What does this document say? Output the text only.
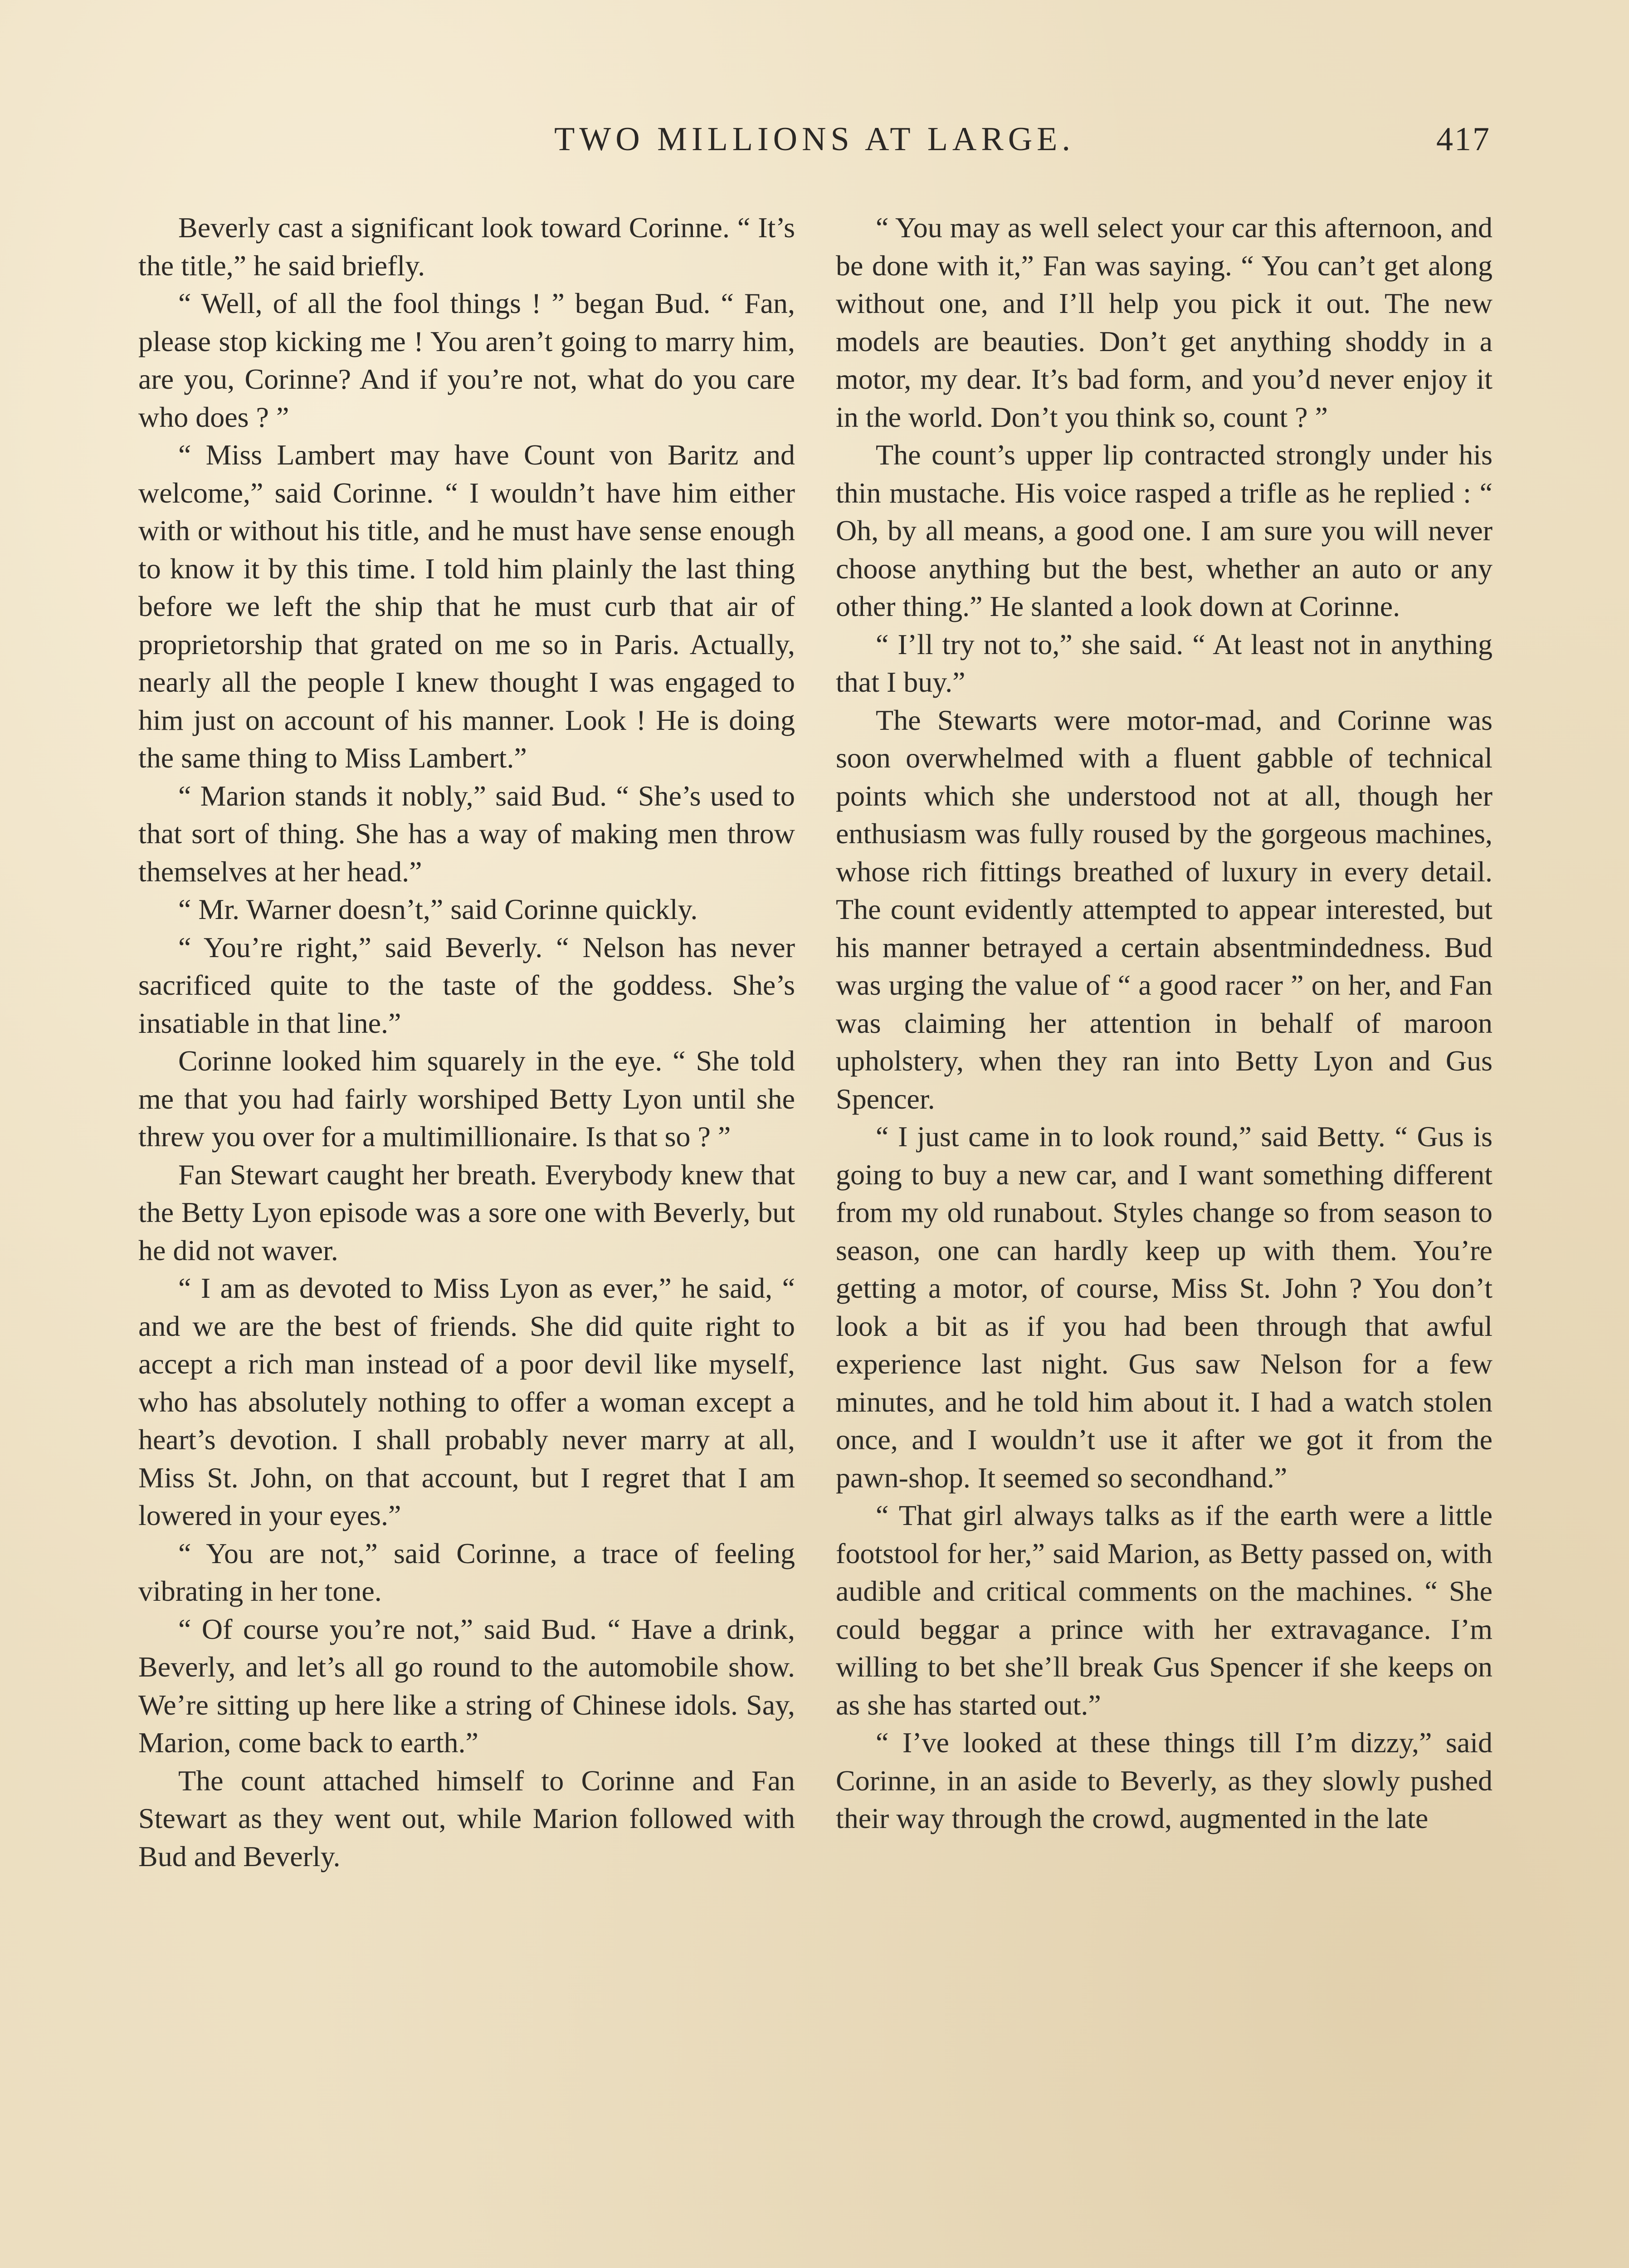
TWO MILLIONS AT LARGE.	417

Beverly cast a significant look toward Corinne. “ It’s the title,” he said briefly.

“ Well, of all the fool things ! ” began Bud. “ Fan, please stop kicking me ! You aren’t going to marry him, are you, Corinne? And if you’re not, what do you care who does ? ”

“ Miss Lambert may have Count von Baritz and welcome,” said Corinne. “ I wouldn’t have him either with or without his title, and he must have sense enough to know it by this time. I told him plainly the last thing before we left the ship that he must curb that air of proprietorship that grated on me so in Paris. Actually, nearly all the people I knew thought I was engaged to him just on account of his manner. Look ! He is doing the same thing to Miss Lambert.”

“ Marion stands it nobly,” said Bud. “ She’s used to that sort of thing. She has a way of making men throw themselves at her head.”

“ Mr. Warner doesn’t,” said Corinne quickly.

“ You’re right,” said Beverly. “ Nelson has never sacrificed quite to the taste of the goddess. She’s insatiable in that line.”

Corinne looked him squarely in the eye. “ She told me that you had fairly worshiped Betty Lyon until she threw you over for a multimillionaire. Is that so ? ”

Fan Stewart caught her breath. Everybody knew that the Betty Lyon episode was a sore one with Beverly, but he did not waver.

“ I am as devoted to Miss Lyon as ever,” he said, “ and we are the best of friends. She did quite right to accept a rich man instead of a poor devil like myself, who has absolutely nothing to offer a woman except a heart’s devotion. I shall probably never marry at all, Miss St. John, on that account, but I regret that I am lowered in your eyes.”

“ You are not,” said Corinne, a trace of feeling vibrating in her tone.

“ Of course you’re not,” said Bud. “ Have a drink, Beverly, and let’s all go round to the automobile show. We’re sitting up here like a string of Chinese idols. Say, Marion, come back to earth.”

The count attached himself to Corinne and Fan Stewart as they went out, while Marion followed with Bud and Beverly.

“ You may as well select your car this afternoon, and be done with it,” Fan was saying. “ You can’t get along without one, and I’ll help you pick it out. The new models are beauties. Don’t get anything shoddy in a motor, my dear. It’s bad form, and you’d never enjoy it in the world. Don’t you think so, count ? ”

The count’s upper lip contracted strongly under his thin mustache. His voice rasped a trifle as he replied : “ Oh, by all means, a good one. I am sure you will never choose anything but the best, whether an auto or any other thing.” He slanted a look down at Corinne.

“ I’ll try not to,” she said. “ At least not in anything that I buy.”

The Stewarts were motor-mad, and Corinne was soon overwhelmed with a fluent gabble of technical points which she understood not at all, though her enthusiasm was fully roused by the gorgeous machines, whose rich fittings breathed of luxury in every detail. The count evidently attempted to appear interested, but his manner betrayed a certain absentmindedness. Bud was urging the value of “ a good racer ” on her, and Fan was claiming her attention in behalf of maroon upholstery, when they ran into Betty Lyon and Gus Spencer.

“ I just came in to look round,” said Betty. “ Gus is going to buy a new car, and I want something different from my old runabout. Styles change so from season to season, one can hardly keep up with them. You’re getting a motor, of course, Miss St. John ? You don’t look a bit as if you had been through that awful experience last night. Gus saw Nelson for a few minutes, and he told him about it. I had a watch stolen once, and I wouldn’t use it after we got it from the pawn-shop. It seemed so secondhand.”

“ That girl always talks as if the earth were a little footstool for her,” said Marion, as Betty passed on, with audible and critical comments on the machines. “ She could beggar a prince with her extravagance. I’m willing to bet she’ll break Gus Spencer if she keeps on as she has started out.”

“ I’ve looked at these things till I’m dizzy,” said Corinne, in an aside to Beverly, as they slowly pushed their way through the crowd, augmented in the late
